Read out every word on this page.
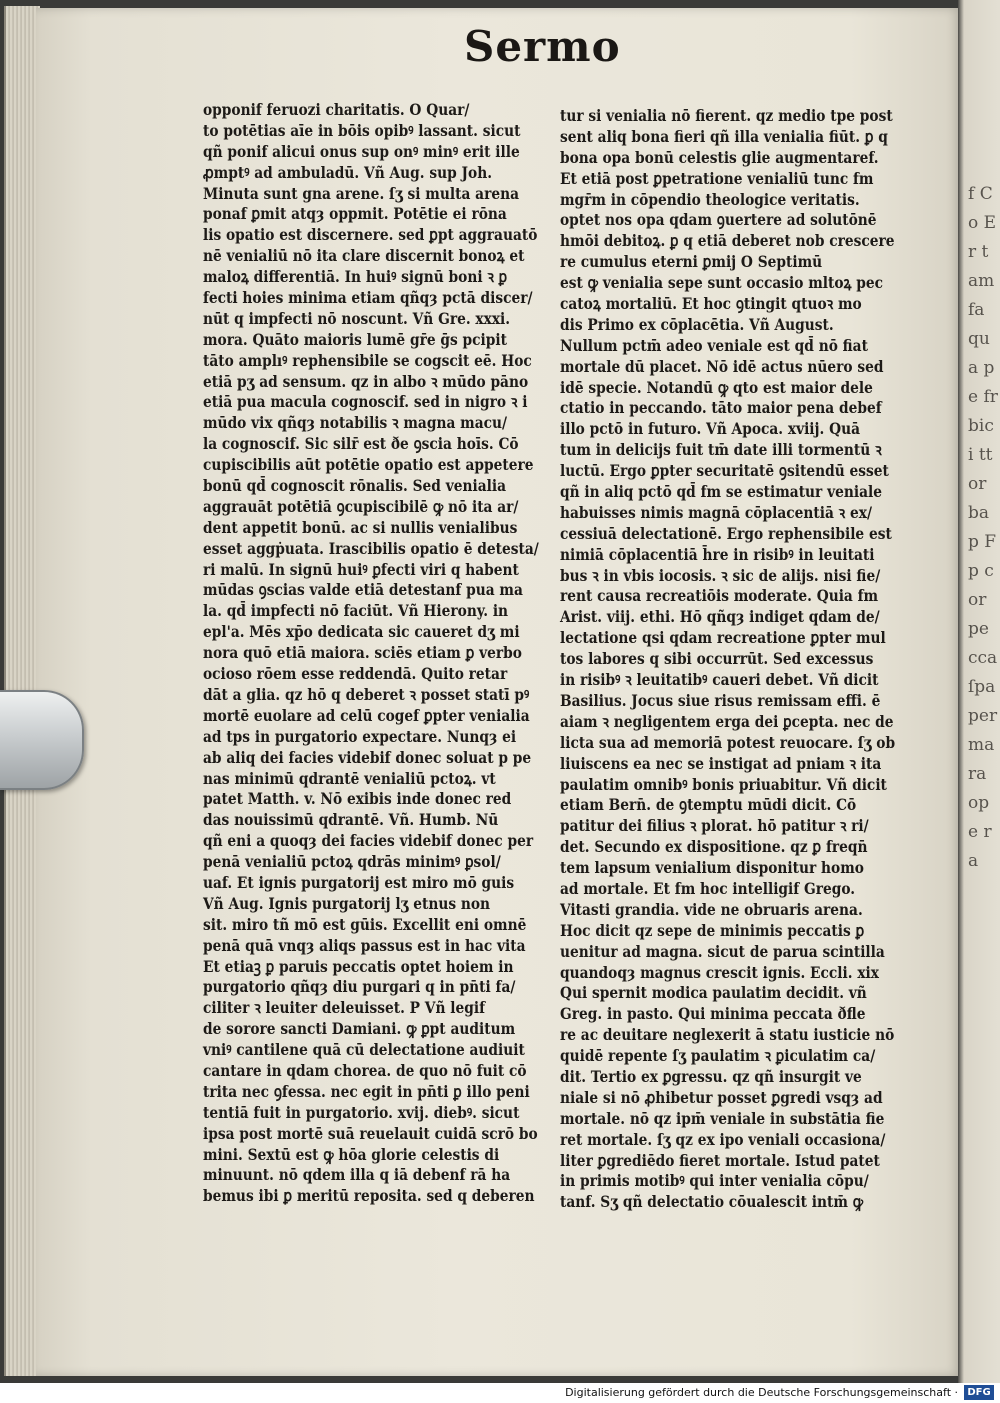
f Co Er tam fa qua pe fr bici ttor bap Fp cor pecca ſpa per mara ope ra

Sermo
opponif feruozi charitatis. O Quar/
to potētias aīe in bōis opibꝰ lassant. sicut
qñ ponif alicui onus sup onꝰ minꝰ erit ille
ꝓmptꝰ ad ambuladū. Vñ Aug. sup Joh.
Minuta sunt gna arene. ſʒ si multa arena
ponaf ꝑmit atqȝ oppmit. Potētie ei rōna
lis opatio est discernere. sed ꝑpt aggrauatō
nē venialiū nō ita clare discernit bonoꝝ et
maloꝝ differentiā. In huiꝰ signū boni ꝛ ꝑ
fecti hoies minima etiam qñqȝ pctā discer/
nūt q impfecti nō noscunt. Vñ Gre. xxxi.
mora. Quāto maioris lumē gr̄e ḡs pcipit
tāto amplıꝰ rephensibile se cogscit eē. Hoc
etiā pʒ ad sensum. qz in albo ꝛ mūdo pāno
etiā pua macula cognoscif. sed in nigro ꝛ i
mūdo vix qñqȝ notabilis ꝛ magna macu/
la cognoscif. Sic silr̄ est ðe ꝯscia hoīs. Cō
cupiscibilis aūt potētie opatio est appetere
bonū qd̄ cognoscit rōnalis. Sed venialia
aggrauāt potētiā ꝯcupiscibilē ꝙ nō ita ar/
dent appetit bonū. ac si nullis venialibus
esset aggṗuata. Irascibilis opatio ē detesta/
ri malū. In signū huiꝰ ꝑfecti viri q habent
mūdas ꝯscias valde etiā detestanf pua ma
la. qd̄ impfecti nō faciūt. Vñ Hierony. in
epl'a. Mēs xp̄o dedicata sic caueret dʒ mi
nora quō etiā maiora. sciēs etiam ꝑ verbo
ocioso rōem esse reddendā. Quito retar
dāt a glia. qz hō q deberet ꝛ posset statī pꝰ
mortē euolare ad celū cogef ꝑpter venialia
ad tps in purgatorio expectare. Nunqȝ ei
ab aliq dei facies videbif donec soluat p pe
nas minimū qdrantē venialiū pctoꝝ. vt
patet Matth. v. Nō exibis inde donec red
das nouissimū qdrantē. Vñ. Humb. Nū
qñ eni a quoqȝ dei facies videbif donec per
penā venialiū pctoꝝ qdrās minimꝰ ꝑsol/
uaf. Et ignis purgatorij est miro mō guis
Vñ Aug. Ignis purgatorij lʒ etnus non
sit. miro tñ mō est gūis. Excellit eni omnē
penā quā vnqȝ aliqs passus est in hac vita
Et etiaꝫ ꝑ paruis peccatis optet hoiem in
purgatorio qñqȝ diu purgari q in pn̄ti fa/
ciliter ꝛ leuiter deleuisset. P Vñ legif
de sorore sancti Damiani. ꝙ ꝑpt auditum
vniꝰ cantilene quā cū delectatione audiuit
cantare in qdam chorea. de quo nō fuit cō
trita nec ꝯfessa. nec egit in pn̄ti ꝑ illo peni
tentiā fuit in purgatorio. xvij. diebꝰ. sicut
ipsa post mortē suā reuelauit cuidā scrō bo
mini. Sextū est ꝙ hōa glorie celestis di
minuunt. nō qdem illa q iā debenf rā ha
bemus ibi ꝑ meritū reposita. sed q deberen
tur si venialia nō fierent. qz medio tpe post
sent aliq bona fieri qñ illa venialia fiūt. ꝑ q
bona opa bonū celestis glie augmentaref.
Et etiā post ꝑpetratione venialiū tunc fm
mgr̄m in cōpendio theologice veritatis.
optet nos opa qdam ꝯuertere ad solutōnē
hmōi debitoꝝ. ꝑ q etiā deberet nob crescere
re cumulus eterni ꝑmij O Septimū
est ꝙ venialia sepe sunt occasio mltoꝝ pec
catoꝝ mortaliū. Et hoc ꝯtingit qtuoꝛ mo
dis Primo ex cōplacētia. Vñ August.
Nullum pctm̄ adeo veniale est qd̄ nō fiat
mortale dū placet. Nō idē actus nūero sed
idē specie. Notandū ꝙ qto est maior dele
ctatio in peccando. tāto maior pena debef
illo pctō in futuro. Vñ Apoca. xviij. Quā
tum in delicijs fuit tm̄ date illi tormentū ꝛ
luctū. Ergo ꝑpter securitatē ꝯsitendū esset
qñ in aliq pctō qd̄ fm se estimatur veniale
habuisses nimis magnā cōplacentiā ꝛ ex/
cessiuā delectationē. Ergo rephensibile est
nimiā cōplacentiā h̄re in risibꝰ in leuitati
bus ꝛ in vbis iocosis. ꝛ sic de alijs. nisi fie/
rent causa recreatiōis moderate. Quia fm
Arist. viij. ethi. Hō qñqȝ indiget qdam de/
lectatione qsi qdam recreatione ꝑpter mul
tos labores q sibi occurrūt. Sed excessus
in risibꝰ ꝛ leuitatibꝰ caueri debet. Vñ dicit
Basilius. Jocus siue risus remissam effi. ē
aiam ꝛ negligentem erga dei ꝑcepta. nec de
licta sua ad memoriā potest reuocare. ſʒ ob
liuiscens ea nec se instigat ad pniam ꝛ ita
paulatim omnibꝰ bonis priuabitur. Vñ dicit
etiam Bern̄. de ꝯtemptu mūdi dicit. Cō
patitur dei filius ꝛ plorat. hō patitur ꝛ ri/
det. Secundo ex dispositione. qz ꝑ freqn̄
tem lapsum venialium disponitur homo
ad mortale. Et fm hoc intelligif Grego.
Vitasti grandia. vide ne obruaris arena.
Hoc dicit qz sepe de minimis peccatis ꝑ
uenitur ad magna. sicut de parua scintilla
quandoqȝ magnus crescit ignis. Eccli. xix
Qui spernit modica paulatim decidit. vñ
Greg. in pasto. Qui minima peccata ðfle
re ac deuitare neglexerit ā statu iusticie nō
quidē repente ſʒ paulatim ꝛ ꝑiculatim ca/
dit. Tertio ex ꝑgressu. qz qñ insurgit ve
niale si nō ꝓhibetur posset ꝑgredi vsqȝ ad
mortale. nō qz ipm̄ veniale in substātia fie
ret mortale. ſʒ qz ex ipo veniali occasiona/
liter ꝑgrediēdo fieret mortale. Istud patet
in primis motibꝰ qui inter venialia cōpu/
tanf. Sʒ qñ delectatio cōualescit intm̄ ꝙ
Digitalisierung gefördert durch die Deutsche Forschungsgemeinschaft · DFG
